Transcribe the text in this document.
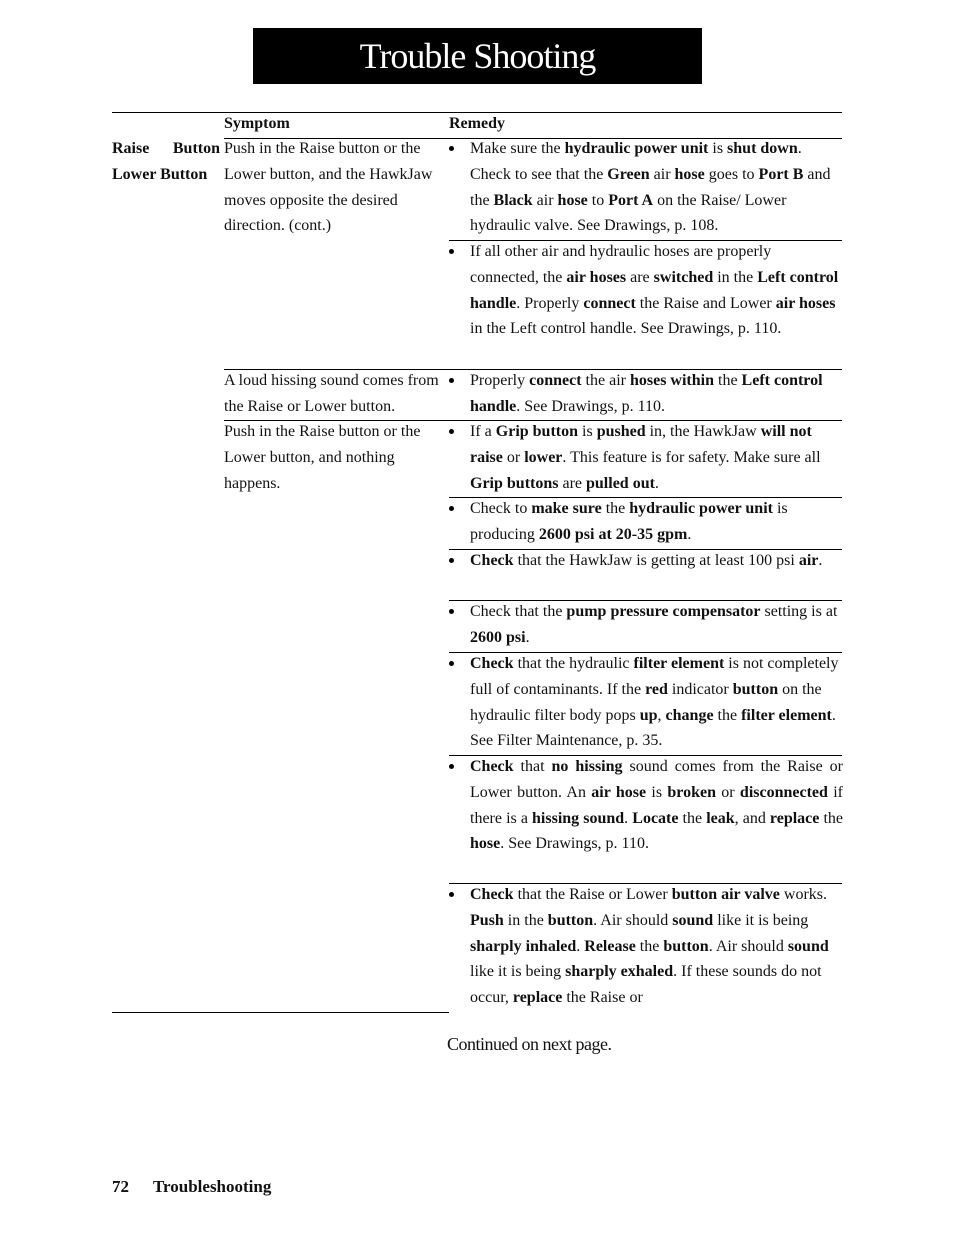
Trouble Shooting
Symptom	Remedy
Raise Button
Lower Button
Push in the Raise button or the Lower button, and the HawkJaw moves opposite the desired direction. (cont.)
A loud hissing sound comes from the Raise or Lower button.
Push in the Raise button or the Lower button, and nothing happens.
Make sure the hydraulic power unit is shut down. Check to see that the Green air hose goes to Port B and the Black air hose to Port A on the Raise/ Lower hydraulic valve. See Drawings, p. 108.
If all other air and hydraulic hoses are properly connected, the air hoses are switched in the Left control handle. Properly connect the Raise and Lower air hoses in the Left control handle. See Drawings, p. 110.
Properly connect the air hoses within the Left control handle. See Drawings, p. 110.
If a Grip button is pushed in, the HawkJaw will not raise or lower. This feature is for safety. Make sure all Grip buttons are pulled out.
Check to make sure the hydraulic power unit is producing 2600 psi at 20-35 gpm.
Check that the HawkJaw is getting at least 100 psi air.
Check that the pump pressure compensator setting is at 2600 psi.
Check that the hydraulic filter element is not completely full of contaminants. If the red indicator button on the hydraulic filter body pops up, change the filter element. See Filter Maintenance, p. 35.
Check that no hissing sound comes from the Raise or Lower button. An air hose is broken or disconnected if there is a hissing sound. Locate the leak, and replace the hose. See Drawings, p. 110.
Check that the Raise or Lower button air valve works. Push in the button. Air should sound like it is being sharply inhaled. Release the button. Air should sound like it is being sharply exhaled. If these sounds do not occur, replace the Raise or
Continued on next page.
72 Troubleshooting
